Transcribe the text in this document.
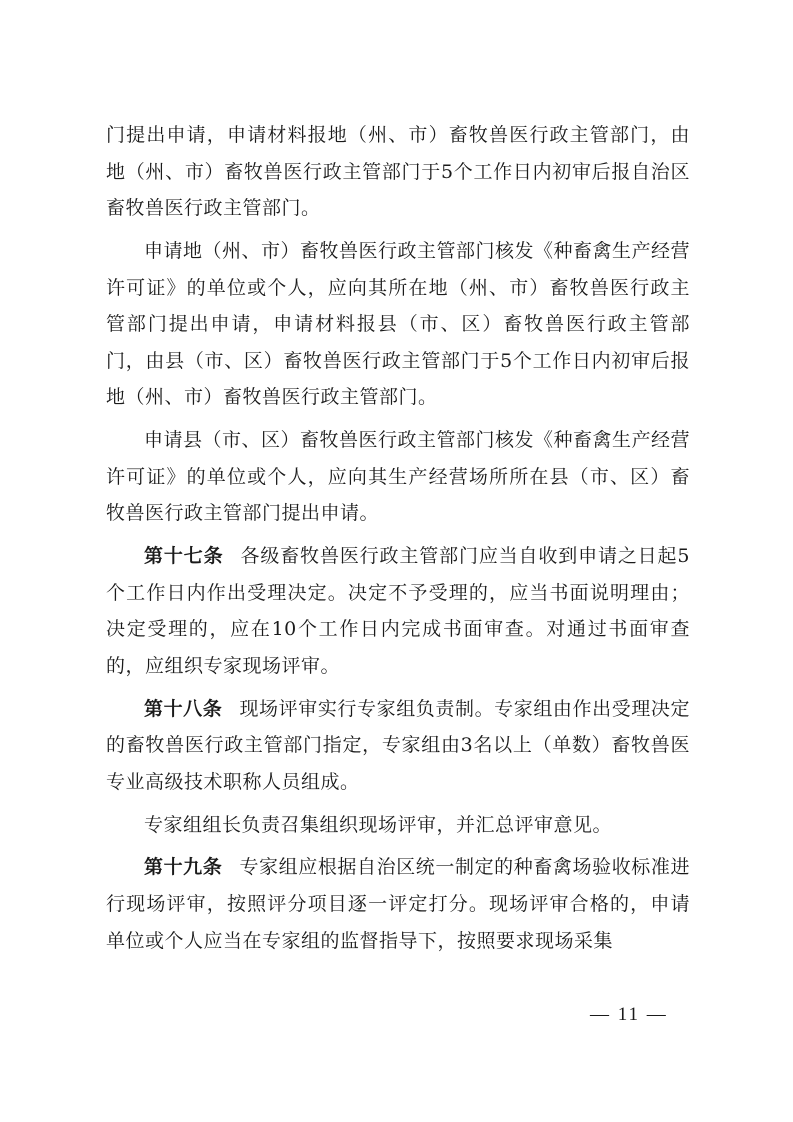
门提出申请，申请材料报地（州、市）畜牧兽医行政主管部门，由地（州、市）畜牧兽医行政主管部门于5个工作日内初审后报自治区畜牧兽医行政主管部门。

申请地（州、市）畜牧兽医行政主管部门核发《种畜禽生产经营许可证》的单位或个人，应向其所在地（州、市）畜牧兽医行政主管部门提出申请，申请材料报县（市、区）畜牧兽医行政主管部门，由县（市、区）畜牧兽医行政主管部门于5个工作日内初审后报地（州、市）畜牧兽医行政主管部门。

申请县（市、区）畜牧兽医行政主管部门核发《种畜禽生产经营许可证》的单位或个人，应向其生产经营场所所在县（市、区）畜牧兽医行政主管部门提出申请。

第十七条 各级畜牧兽医行政主管部门应当自收到申请之日起5个工作日内作出受理决定。决定不予受理的，应当书面说明理由；决定受理的，应在10个工作日内完成书面审查。对通过书面审查的，应组织专家现场评审。

第十八条 现场评审实行专家组负责制。专家组由作出受理决定的畜牧兽医行政主管部门指定，专家组由3名以上（单数）畜牧兽医专业高级技术职称人员组成。

专家组组长负责召集组织现场评审，并汇总评审意见。

第十九条 专家组应根据自治区统一制定的种畜禽场验收标准进行现场评审，按照评分项目逐一评定打分。现场评审合格的，申请单位或个人应当在专家组的监督指导下，按照要求现场采集

— 11 —
